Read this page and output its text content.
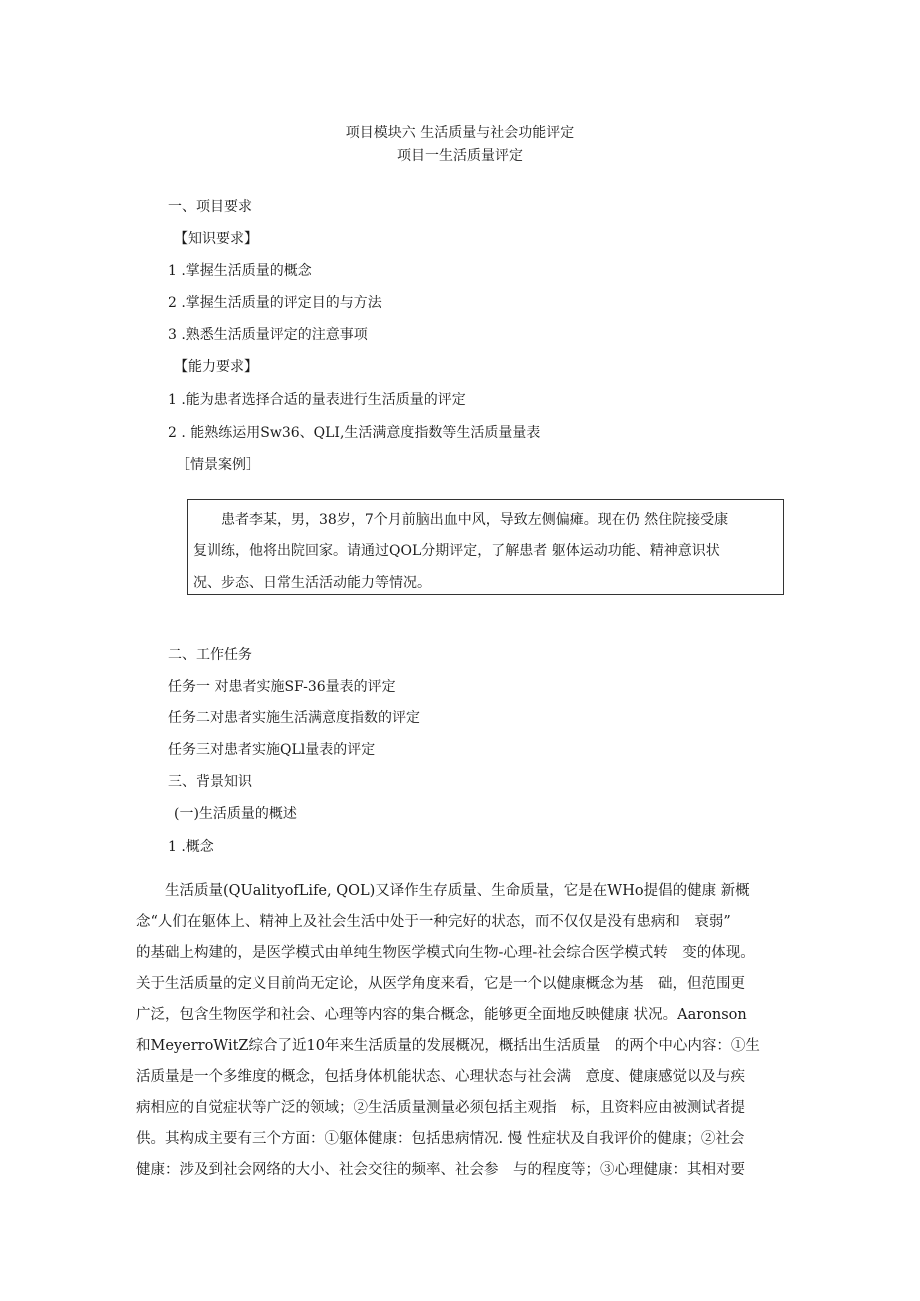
项目模块六 生活质量与社会功能评定
项目一生活质量评定
一、项目要求
【知识要求】
1 .掌握生活质量的概念
2 .掌握生活质量的评定目的与方法
3 .熟悉生活质量评定的注意事项
【能力要求】
1 .能为患者选择合适的量表进行生活质量的评定
2 . 能熟练运用Sw36、QLI,生活满意度指数等生活质量量表
［情景案例］
　　患者李某，男，38岁，7个月前脑出血中风，导致左侧偏瘫。现在仍 然住院接受康
复训练，他将出院回家。请通过QOL分期评定，了解患者 躯体运动功能、精神意识状
况、步态、日常生活活动能力等情况。
二、工作任务
任务一 对患者实施SF-36量表的评定
任务二对患者实施生活满意度指数的评定
任务三对患者实施QLl量表的评定
三、背景知识
(一)生活质量的概述
1 .概念
　　生活质量(QUalityofLife, QOL)又译作生存质量、生命质量，它是在WHo提倡的健康 新概
念“人们在躯体上、精神上及社会生活中处于一种完好的状态，而不仅仅是没有患病和　衰弱”
的基础上构建的，是医学模式由单纯生物医学模式向生物-心理-社会综合医学模式转　变的体现。
关于生活质量的定义目前尚无定论，从医学角度来看，它是一个以健康概念为基　础，但范围更
广泛，包含生物医学和社会、心理等内容的集合概念，能够更全面地反映健康 状况。Aaronson
和MeyerroWitZ综合了近10年来生活质量的发展概况，概括出生活质量　的两个中心内容：①生
活质量是一个多维度的概念，包括身体机能状态、心理状态与社会满　意度、健康感觉以及与疾
病相应的自觉症状等广泛的领域；②生活质量测量必须包括主观指　标，且资料应由被测试者提
供。其构成主要有三个方面：①躯体健康：包括患病情况. 慢 性症状及自我评价的健康；②社会
健康：涉及到社会网络的大小、社会交往的频率、社会参　与的程度等；③心理健康：其相对要
